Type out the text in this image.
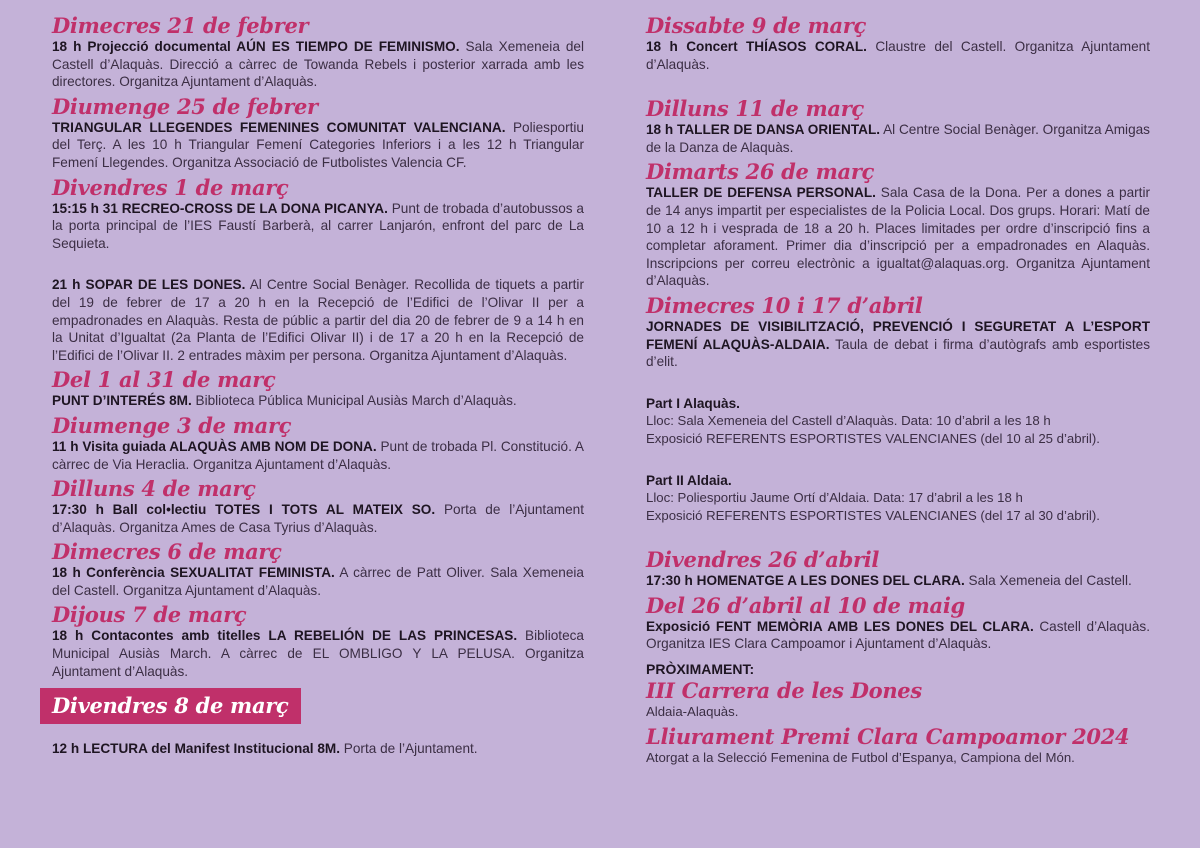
Dimecres 21 de febrer
18 h Projecció documental AÚN ES TIEMPO DE FEMINISMO. Sala Xemeneia del Castell d’Alaquàs. Direcció a càrrec de Towanda Rebels i posterior xarrada amb les directores. Organitza Ajuntament d’Alaquàs.
Diumenge 25 de febrer
TRIANGULAR LLEGENDES FEMENINES COMUNITAT VALENCIANA. Poliesportiu del Terç. A les 10 h Triangular Femení Categories Inferiors i a les 12 h Triangular Femení Llegendes. Organitza Associació de Futbolistes Valencia CF.
Divendres 1 de març
15:15 h 31 RECREO-CROSS DE LA DONA PICANYA. Punt de trobada d’autobussos a la porta principal de l’IES Faustí Barberà, al carrer Lanjarón, enfront del parc de La Sequieta.
21 h SOPAR DE LES DONES. Al Centre Social Benàger. Recollida de tiquets a partir del 19 de febrer de 17 a 20 h en la Recepció de l’Edifici de l’Olivar II per a empadronades en Alaquàs. Resta de públic a partir del dia 20 de febrer de 9 a 14 h en la Unitat d’Igualtat (2a Planta de l’Edifici Olivar II) i de 17 a 20 h en la Recepció de l’Edifici de l’Olivar II. 2 entrades màxim per persona. Organitza Ajuntament d’Alaquàs.
Del 1 al 31 de març
PUNT D’INTERÉS 8M. Biblioteca Pública Municipal Ausiàs March d’Alaquàs.
Diumenge 3 de març
11 h Visita guiada ALAQUÀS AMB NOM DE DONA. Punt de trobada Pl. Constitució. A càrrec de Via Heraclia. Organitza Ajuntament d’Alaquàs.
Dilluns 4 de març
17:30 h Ball col•lectiu TOTES I TOTS AL MATEIX SO. Porta de l’Ajuntament d’Alaquàs. Organitza Ames de Casa Tyrius d’Alaquàs.
Dimecres 6 de març
18 h Conferència SEXUALITAT FEMINISTA. A càrrec de Patt Oliver. Sala Xemeneia del Castell. Organitza Ajuntament d’Alaquàs.
Dijous 7 de març
18 h Contacontes amb titelles LA REBELIÓN DE LAS PRINCESAS. Biblioteca Municipal Ausiàs March. A càrrec de EL OMBLIGO Y LA PELUSA. Organitza Ajuntament d’Alaquàs.
Divendres 8 de març
12 h LECTURA del Manifest Institucional 8M. Porta de l’Ajuntament.
Dissabte 9 de març
18 h Concert THÍASOS CORAL. Claustre del Castell. Organitza Ajuntament d’Alaquàs.
Dilluns 11 de març
18 h TALLER DE DANSA ORIENTAL. Al Centre Social Benàger. Organitza Amigas de la Danza de Alaquàs.
Dimarts 26 de març
TALLER DE DEFENSA PERSONAL. Sala Casa de la Dona. Per a dones a partir de 14 anys impartit per especialistes de la Policia Local. Dos grups. Horari: Matí de 10 a 12 h i vesprada de 18 a 20 h. Places limitades per ordre d’inscripció fins a completar aforament. Primer dia d’inscripció per a empadronades en Alaquàs. Inscripcions per correu electrònic a igualtat@alaquas.org. Organitza Ajuntament d’Alaquàs.
Dimecres 10 i 17 d’abril
JORNADES DE VISIBILITZACIÓ, PREVENCIÓ I SEGURETAT A L’ESPORT FEMENÍ ALAQUÀS-ALDAIA. Taula de debat i firma d’autògrafs amb esportistes d’elit.
Part I Alaquàs.
Lloc: Sala Xemeneia del Castell d’Alaquàs. Data: 10 d’abril a les 18 h
Exposició REFERENTS ESPORTISTES VALENCIANES (del 10 al 25 d’abril).
Part II Aldaia.
Lloc: Poliesportiu Jaume Ortí d’Aldaia. Data: 17 d’abril a les 18 h
Exposició REFERENTS ESPORTISTES VALENCIANES (del 17 al 30 d’abril).
Divendres 26 d’abril
17:30 h HOMENATGE A LES DONES DEL CLARA. Sala Xemeneia del Castell.
Del 26 d’abril al 10 de maig
Exposició FENT MEMÒRIA AMB LES DONES DEL CLARA. Castell d’Alaquàs. Organitza IES Clara Campoamor i Ajuntament d’Alaquàs.
PRÒXIMAMENT:
III Carrera de les Dones
Aldaia-Alaquàs.
Lliurament Premi Clara Campoamor 2024
Atorgat a la Selecció Femenina de Futbol d’Espanya, Campiona del Món.
